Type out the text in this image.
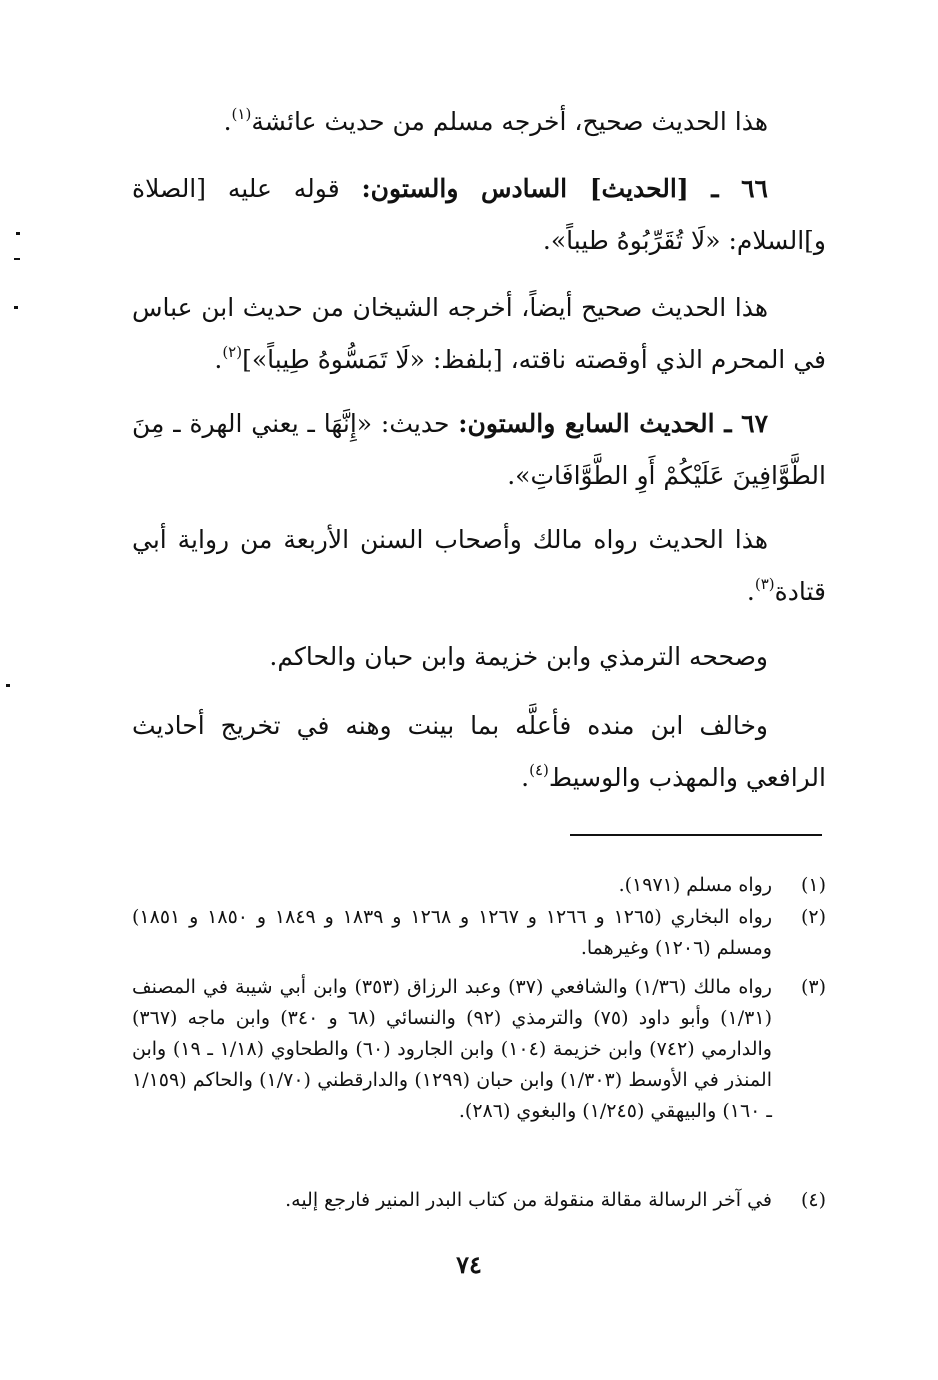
هذا الحديث صحيح، أخرجه مسلم من حديث عائشة$^{(١)}$.

٦٦ ـ [الحديث] السادس والستون: قوله عليه [الصلاة و]السلام: «لَا تُقَرِّبُوهُ طيباً».

هذا الحديث صحيح أيضاً، أخرجه الشيخان من حديث ابن عباس في المحرم الذي أوقصته ناقته، [بلفظ: «لَا تَمَسُّوهُ طِيباً»]$^{(٢)}$.

٦٧ ـ الحديث السابع والستون: حديث: «إِنَّهَا ـ يعني الهرة ـ مِنَ الطَّوَّافِينَ عَلَيْكُمْ أَوِ الطَّوَّافَاتِ».

هذا الحديث رواه مالك وأصحاب السنن الأربعة من رواية أبي قتادة$^{(٣)}$.

وصححه الترمذي وابن خزيمة وابن حبان والحاكم.

وخالف ابن منده فأعلَّه بما بينت وهنه في تخريج أحاديث الرافعي والمهذب والوسيط$^{(٤)}$.

(١)
رواه مسلم (١٩٧١).
(٢)
رواه البخاري (١٢٦٥ و ١٢٦٦ و ١٢٦٧ و ١٢٦٨ و ١٨٣٩ و ١٨٤٩ و ١٨٥٠ و ١٨٥١) ومسلم (١٢٠٦) وغيرهما.
(٣)
رواه مالك (١/٣٦) والشافعي (٣٧) وعبد الرزاق (٣٥٣) وابن أبي شيبة في المصنف (١/٣١) وأبو داود (٧٥) والترمذي (٩٢) والنسائي (٦٨ و ٣٤٠) وابن ماجه (٣٦٧) والدارمي (٧٤٢) وابن خزيمة (١٠٤) وابن الجارود (٦٠) والطحاوي (١/١٨ ـ ١٩) وابن المنذر في الأوسط (١/٣٠٣) وابن حبان (١٢٩٩) والدارقطني (١/٧٠) والحاكم (١/١٥٩ ـ ١٦٠) والبيهقي (١/٢٤٥) والبغوي (٢٨٦).
(٤)
في آخر الرسالة مقالة منقولة من كتاب البدر المنير فارجع إليه.
٧٤
